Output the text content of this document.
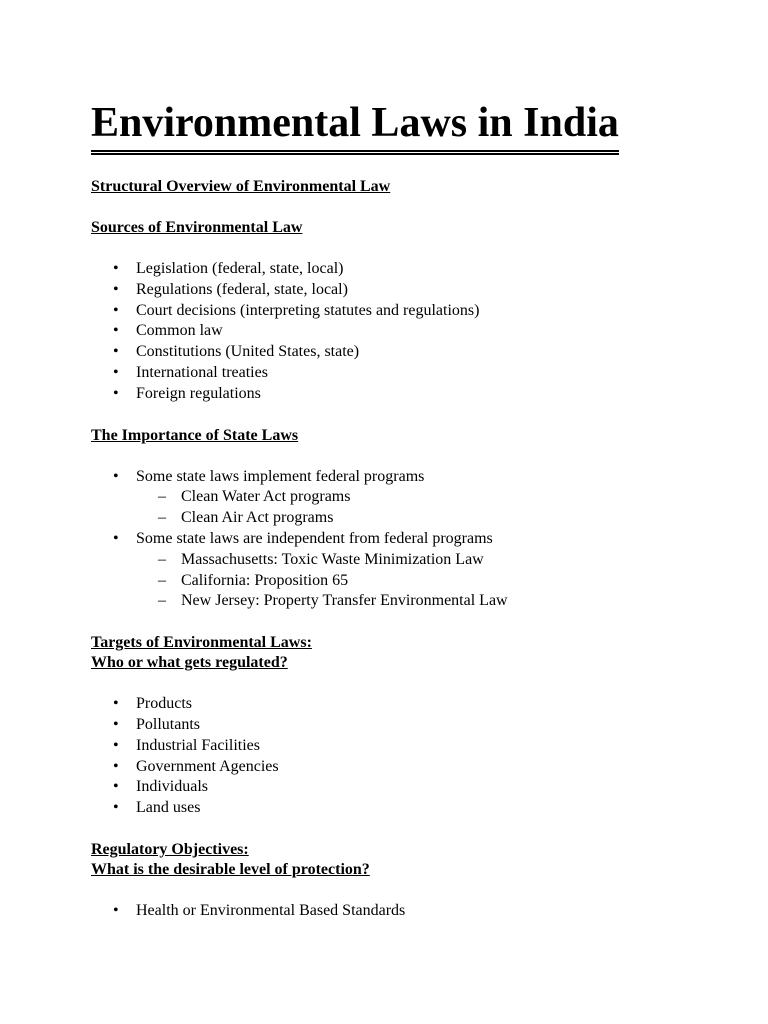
Environmental Laws in India

Structural Overview of Environmental Law

Sources of Environmental Law

• Legislation (federal, state, local)
• Regulations (federal, state, local)
• Court decisions (interpreting statutes and regulations)
• Common law
• Constitutions (United States, state)
• International treaties
• Foreign regulations

The Importance of State Laws

• Some state laws implement federal programs
– Clean Water Act programs
– Clean Air Act programs
• Some state laws are independent from federal programs
– Massachusetts: Toxic Waste Minimization Law
– California: Proposition 65
– New Jersey: Property Transfer Environmental Law

Targets of Environmental Laws:

Who or what gets regulated?

• Products
• Pollutants
• Industrial Facilities
• Government Agencies
• Individuals
• Land uses

Regulatory Objectives:

What is the desirable level of protection?

• Health or Environmental Based Standards
